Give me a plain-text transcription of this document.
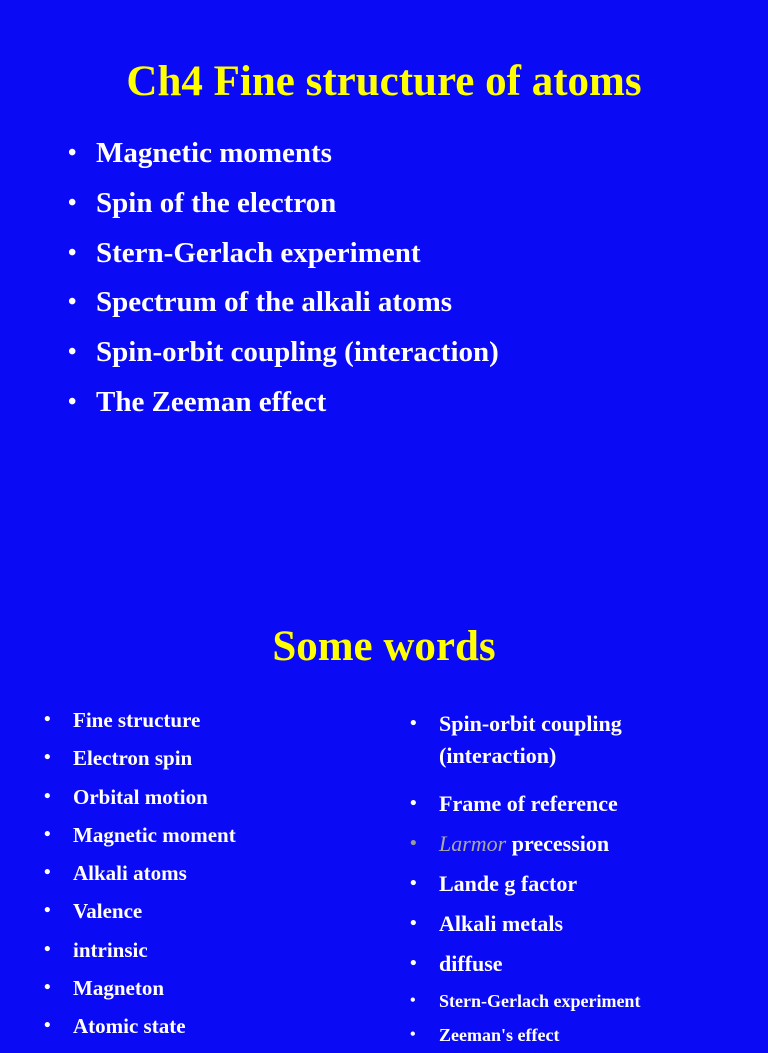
Ch4 Fine structure of atoms
• Magnetic moments
• Spin of the electron
• Stern-Gerlach experiment
• Spectrum of the alkali atoms
• Spin-orbit coupling (interaction)
• The Zeeman effect
Some words
• Fine structure
• Electron spin
• Orbital motion
• Magnetic moment
• Alkali atoms
• Valence
• intrinsic
• Magneton
• Atomic state
• Spin-orbit coupling
(interaction)
• Frame of reference
• Larmor precession
• Lande g factor
• Alkali metals
• diffuse
• Stern-Gerlach experiment
• Zeeman's effect
